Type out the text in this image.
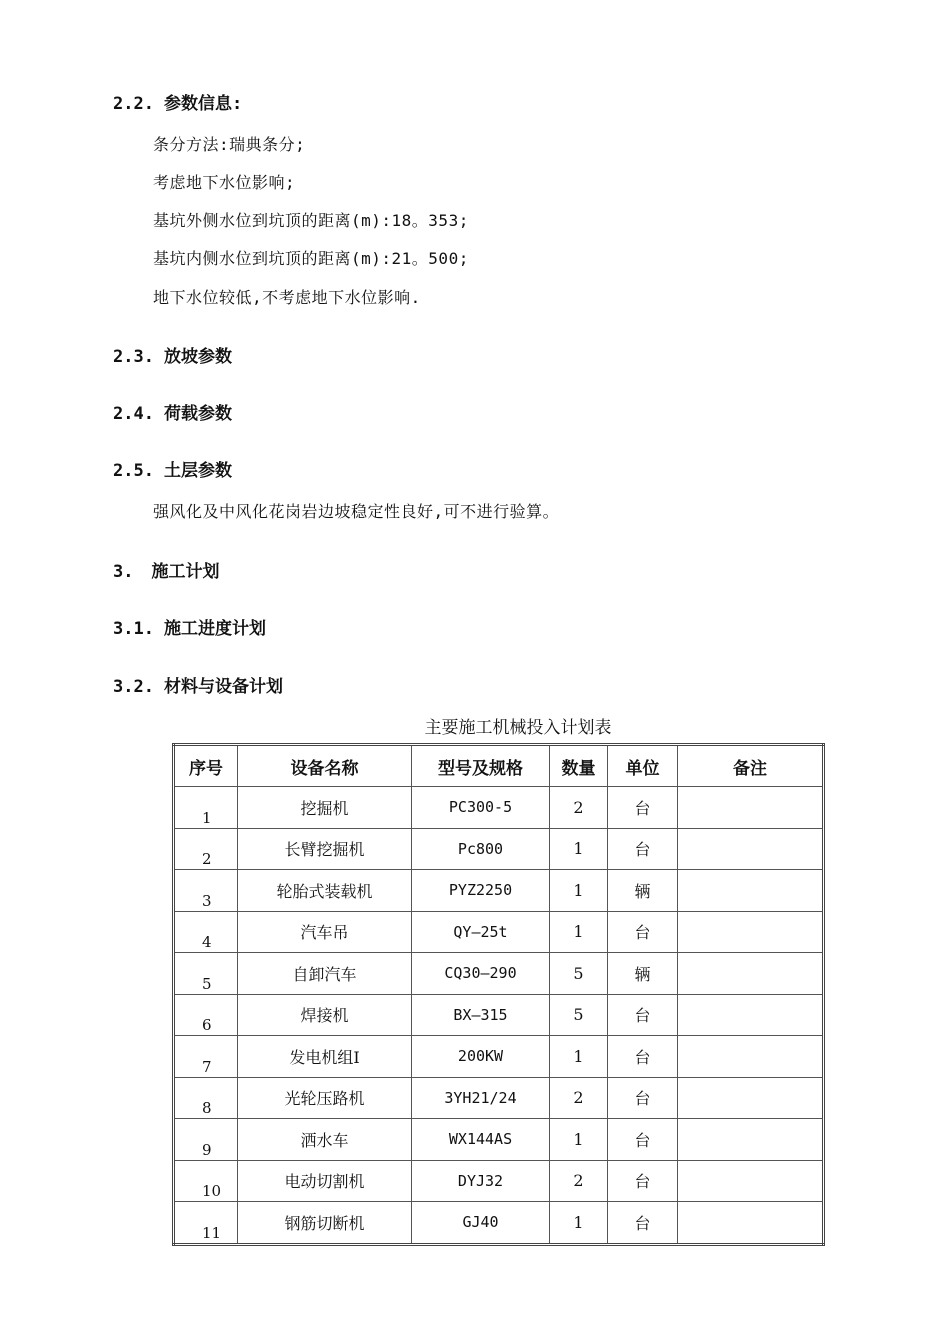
2.2. 参数信息:
条分方法:瑞典条分;
考虑地下水位影响;
基坑外侧水位到坑顶的距离(m):18。353;
基坑内侧水位到坑顶的距离(m):21。500;
地下水位较低,不考虑地下水位影响.
2.3. 放坡参数
2.4. 荷载参数
2.5. 土层参数
强风化及中风化花岗岩边坡稳定性良好,可不进行验算。
3. 施工计划
3.1. 施工进度计划
3.2. 材料与设备计划
主要施工机械投入计划表
序号	设备名称	型号及规格	数量	单位	备注
1	挖掘机	PC300-5	2	台	
2	长臂挖掘机	Pc800	1	台	
3	轮胎式装载机	PYZ2250	1	辆	
4	汽车吊	QY—25t	1	台	
5	自卸汽车	CQ30—290	5	辆	
6	焊接机	BX—315	5	台	
7	发电机组Ⅰ	200KW	1	台	
8	光轮压路机	3YH21/24	2	台	
9	洒水车	WX144AS	1	台	
10	电动切割机	DYJ32	2	台	
11	钢筋切断机	GJ40	1	台	
